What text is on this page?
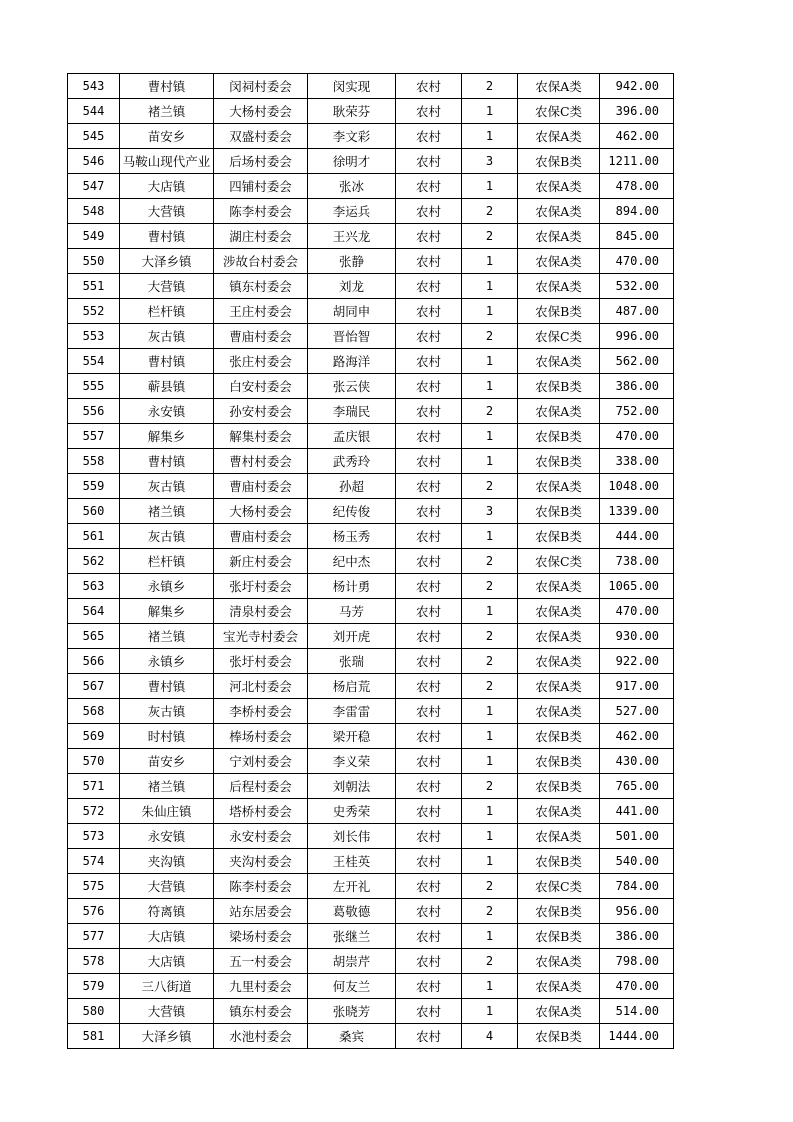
543	曹村镇	闵祠村委会	闵实现	农村	2	农保A类	942.00
544	褚兰镇	大杨村委会	耿荣芬	农村	1	农保C类	396.00
545	苗安乡	双盛村委会	李文彩	农村	1	农保A类	462.00
546	马鞍山现代产业	后场村委会	徐明才	农村	3	农保B类	1211.00
547	大店镇	四铺村委会	张冰	农村	1	农保A类	478.00
548	大营镇	陈李村委会	李运兵	农村	2	农保A类	894.00
549	曹村镇	湖庄村委会	王兴龙	农村	2	农保A类	845.00
550	大泽乡镇	涉故台村委会	张静	农村	1	农保A类	470.00
551	大营镇	镇东村委会	刘龙	农村	1	农保A类	532.00
552	栏杆镇	王庄村委会	胡同申	农村	1	农保B类	487.00
553	灰古镇	曹庙村委会	晋怡智	农村	2	农保C类	996.00
554	曹村镇	张庄村委会	路海洋	农村	1	农保A类	562.00
555	蕲县镇	白安村委会	张云侠	农村	1	农保B类	386.00
556	永安镇	孙安村委会	李瑞民	农村	2	农保A类	752.00
557	解集乡	解集村委会	孟庆银	农村	1	农保B类	470.00
558	曹村镇	曹村村委会	武秀玲	农村	1	农保B类	338.00
559	灰古镇	曹庙村委会	孙超	农村	2	农保A类	1048.00
560	褚兰镇	大杨村委会	纪传俊	农村	3	农保B类	1339.00
561	灰古镇	曹庙村委会	杨玉秀	农村	1	农保B类	444.00
562	栏杆镇	新庄村委会	纪中杰	农村	2	农保C类	738.00
563	永镇乡	张圩村委会	杨计勇	农村	2	农保A类	1065.00
564	解集乡	清泉村委会	马芳	农村	1	农保A类	470.00
565	褚兰镇	宝光寺村委会	刘开虎	农村	2	农保A类	930.00
566	永镇乡	张圩村委会	张瑞	农村	2	农保A类	922.00
567	曹村镇	河北村委会	杨启荒	农村	2	农保A类	917.00
568	灰古镇	李桥村委会	李雷雷	农村	1	农保A类	527.00
569	时村镇	棒场村委会	梁开稳	农村	1	农保B类	462.00
570	苗安乡	宁刘村委会	李义荣	农村	1	农保B类	430.00
571	褚兰镇	后程村委会	刘朝法	农村	2	农保B类	765.00
572	朱仙庄镇	塔桥村委会	史秀荣	农村	1	农保A类	441.00
573	永安镇	永安村委会	刘长伟	农村	1	农保A类	501.00
574	夹沟镇	夹沟村委会	王桂英	农村	1	农保B类	540.00
575	大营镇	陈李村委会	左开礼	农村	2	农保C类	784.00
576	符离镇	站东居委会	葛敬德	农村	2	农保B类	956.00
577	大店镇	梁场村委会	张继兰	农村	1	农保B类	386.00
578	大店镇	五一村委会	胡崇芹	农村	2	农保A类	798.00
579	三八街道	九里村委会	何友兰	农村	1	农保A类	470.00
580	大营镇	镇东村委会	张晓芳	农村	1	农保A类	514.00
581	大泽乡镇	水池村委会	桑宾	农村	4	农保B类	1444.00
